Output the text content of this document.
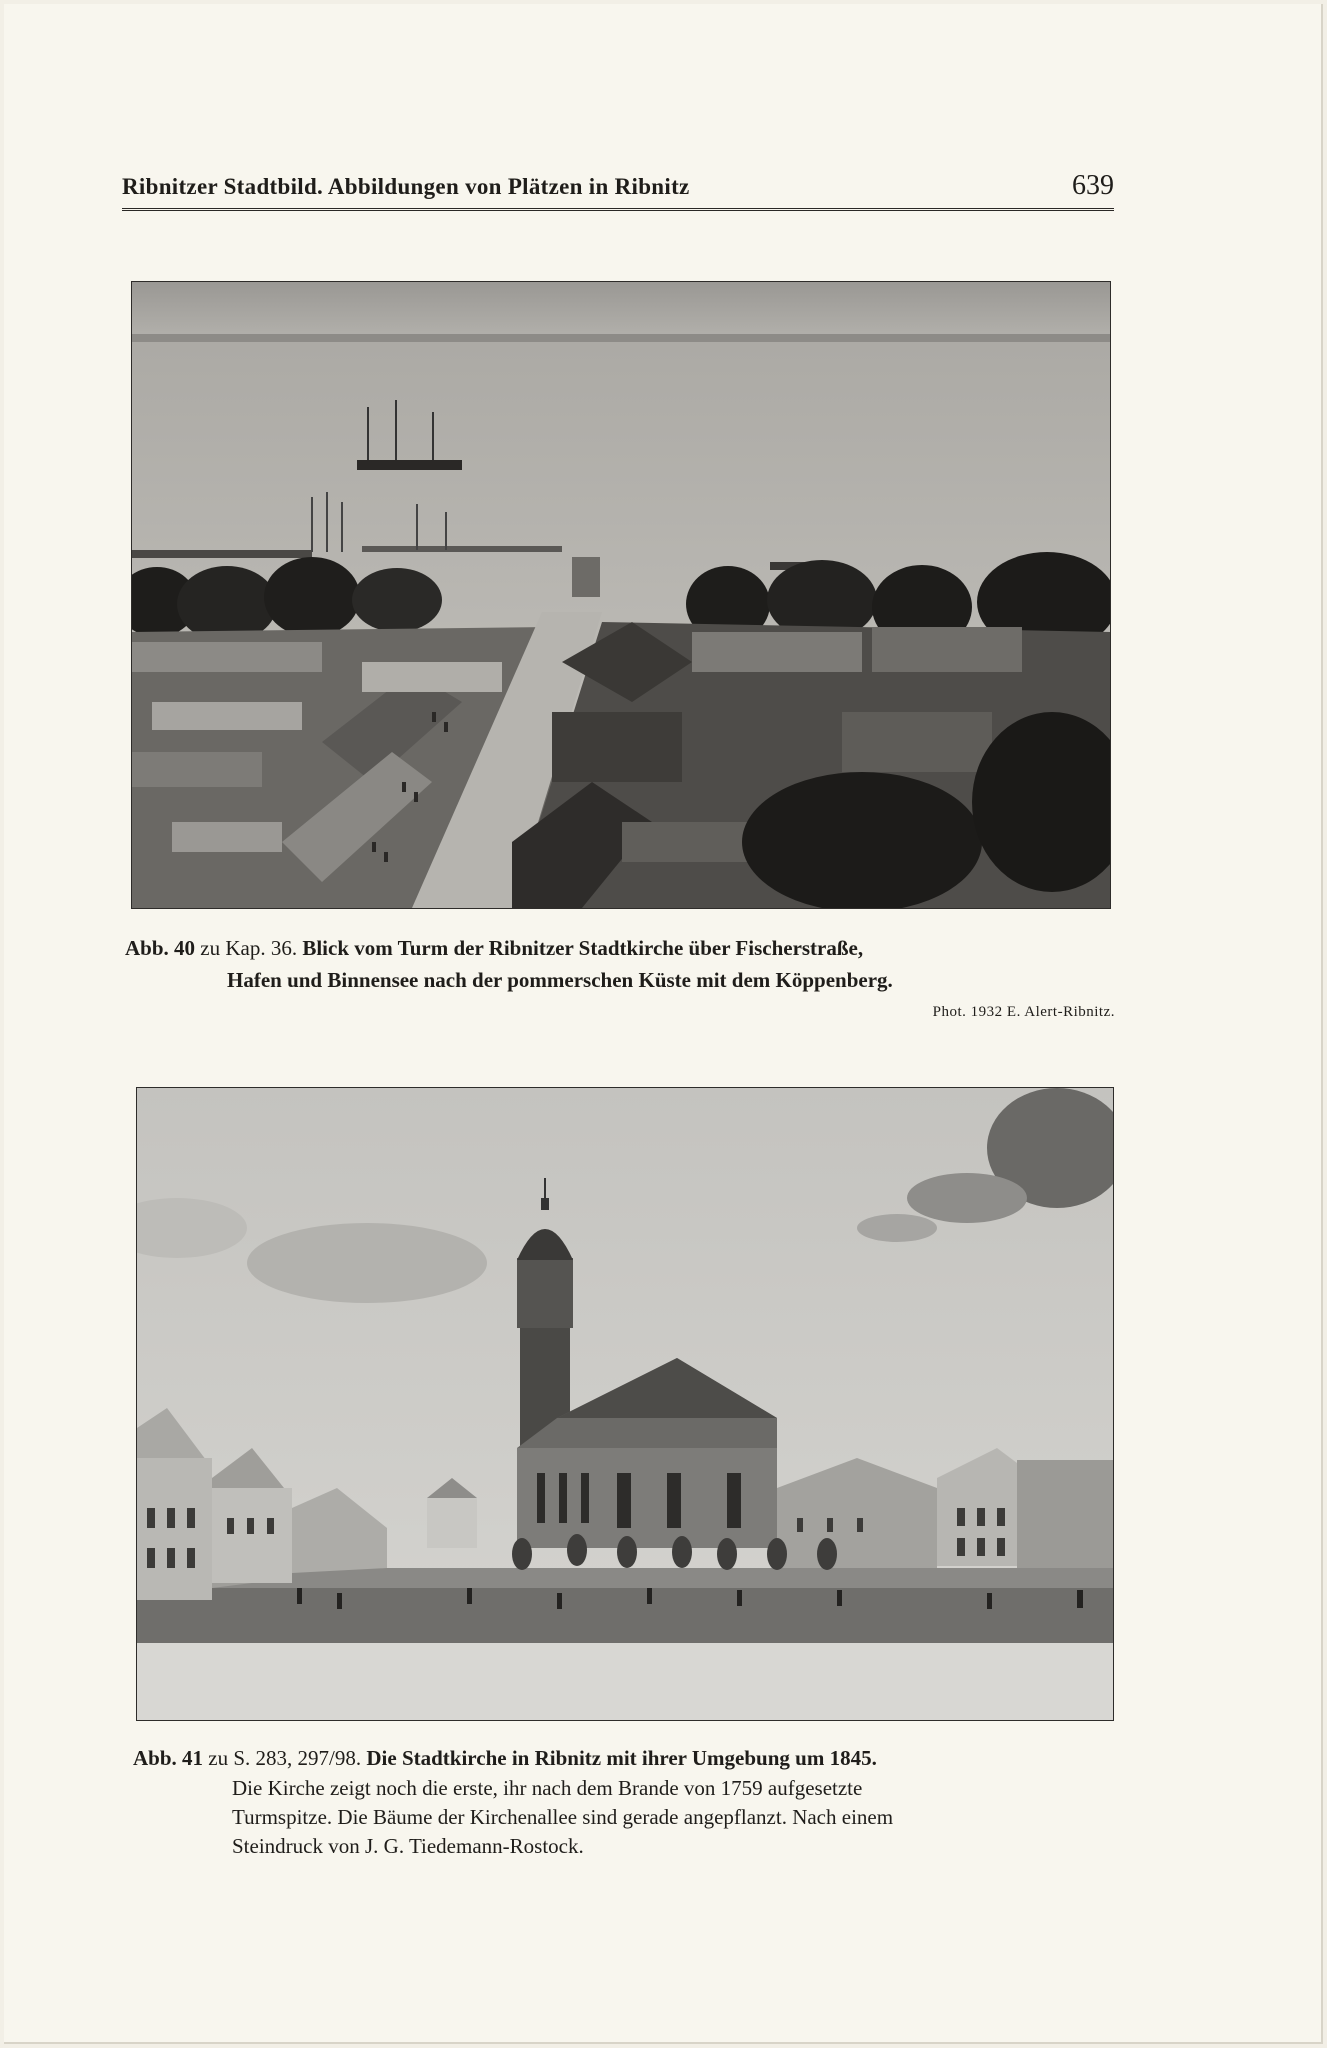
Ribnitzer Stadtbild. Abbildungen von Plätzen in Ribnitz	639
Abb. 40 zu Kap. 36. Blick vom Turm der Ribnitzer Stadtkirche über Fischerstraße,
Hafen und Binnensee nach der pommerschen Küste mit dem Köppenberg.
Phot. 1932 E. Alert-Ribnitz.
Abb. 41 zu S. 283, 297/98. Die Stadtkirche in Ribnitz mit ihrer Umgebung um 1845.
Die Kirche zeigt noch die erste, ihr nach dem Brande von 1759 aufgesetzte
Turmspitze. Die Bäume der Kirchenallee sind gerade angepflanzt. Nach einem
Steindruck von J. G. Tiedemann-Rostock.
